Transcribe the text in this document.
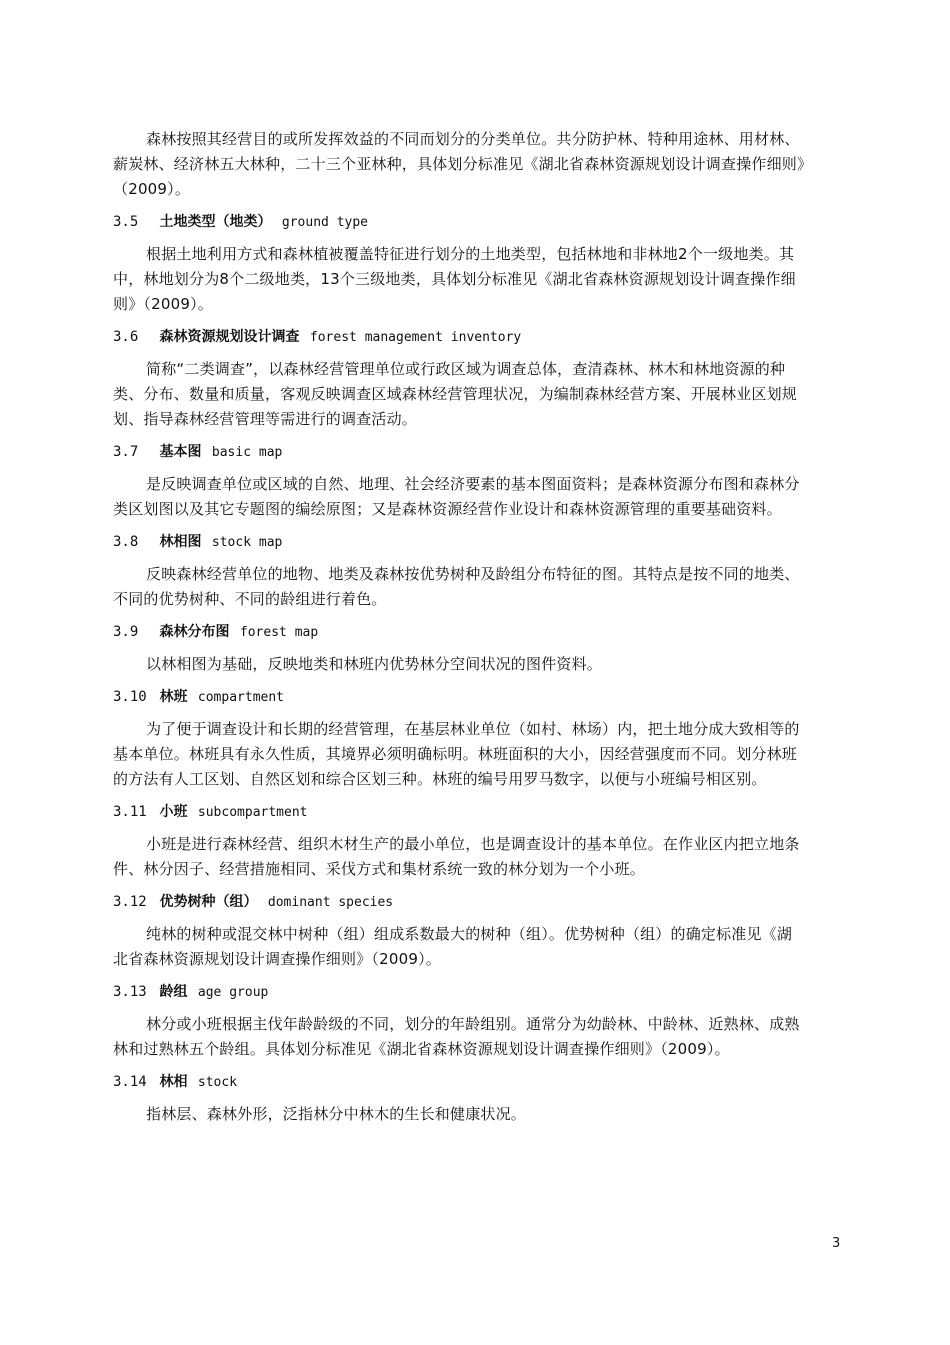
森林按照其经营目的或所发挥效益的不同而划分的分类单位。共分防护林、特种用途林、用材林、
薪炭林、经济林五大林种，二十三个亚林种，具体划分标准见《湖北省森林资源规划设计调查操作细则》
（2009）。

3.5 土地类型（地类） ground type

根据土地利用方式和森林植被覆盖特征进行划分的土地类型，包括林地和非林地2个一级地类。其
中，林地划分为8个二级地类，13个三级地类，具体划分标准见《湖北省森林资源规划设计调查操作细
则》（2009）。

3.6 森林资源规划设计调查 forest management inventory

简称“二类调查”，以森林经营管理单位或行政区域为调查总体，查清森林、林木和林地资源的种
类、分布、数量和质量，客观反映调查区域森林经营管理状况，为编制森林经营方案、开展林业区划规
划、指导森林经营管理等需进行的调查活动。

3.7 基本图 basic map

是反映调查单位或区域的自然、地理、社会经济要素的基本图面资料；是森林资源分布图和森林分
类区划图以及其它专题图的编绘原图；又是森林资源经营作业设计和森林资源管理的重要基础资料。

3.8 林相图 stock map

反映森林经营单位的地物、地类及森林按优势树种及龄组分布特征的图。其特点是按不同的地类、
不同的优势树种、不同的龄组进行着色。

3.9 森林分布图 forest map

以林相图为基础，反映地类和林班内优势林分空间状况的图件资料。

3.10 林班 compartment

为了便于调查设计和长期的经营管理，在基层林业单位（如村、林场）内，把土地分成大致相等的
基本单位。林班具有永久性质，其境界必须明确标明。林班面积的大小，因经营强度而不同。划分林班
的方法有人工区划、自然区划和综合区划三种。林班的编号用罗马数字，以便与小班编号相区别。

3.11 小班 subcompartment

小班是进行森林经营、组织木材生产的最小单位，也是调查设计的基本单位。在作业区内把立地条
件、林分因子、经营措施相同、采伐方式和集材系统一致的林分划为一个小班。

3.12 优势树种（组） dominant species

纯林的树种或混交林中树种（组）组成系数最大的树种（组）。优势树种（组）的确定标准见《湖
北省森林资源规划设计调查操作细则》（2009）。

3.13 龄组 age group

林分或小班根据主伐年龄龄级的不同，划分的年龄组别。通常分为幼龄林、中龄林、近熟林、成熟
林和过熟林五个龄组。具体划分标准见《湖北省森林资源规划设计调查操作细则》（2009）。

3.14 林相 stock

指林层、森林外形，泛指林分中林木的生长和健康状况。

3
